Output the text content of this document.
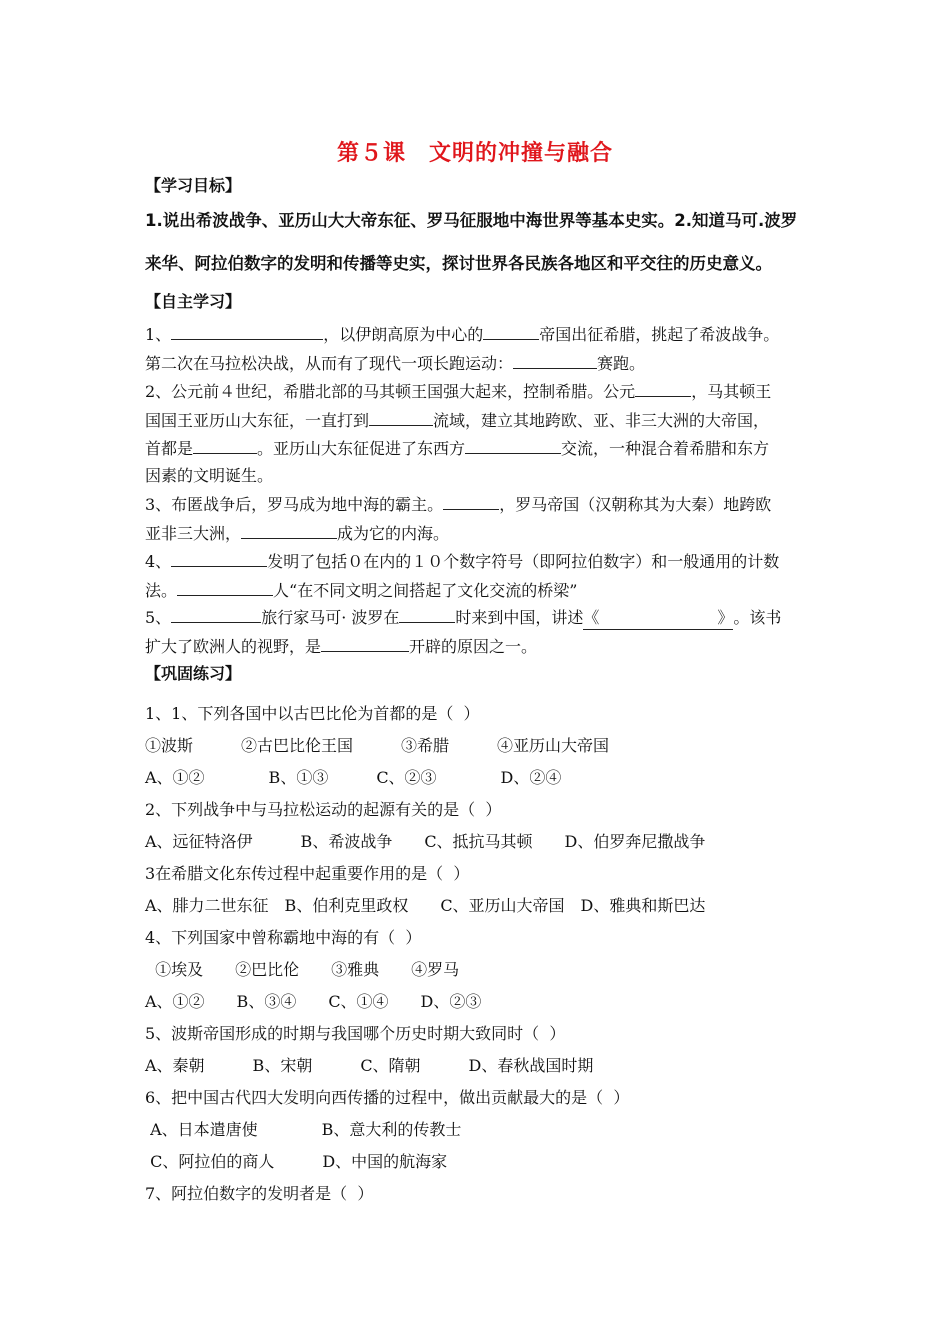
第５课　文明的冲撞与融合
【学习目标】
1.说出希波战争、亚历山大大帝东征、罗马征服地中海世界等基本史实。2.知道马可.波罗
来华、阿拉伯数字的发明和传播等史实，探讨世界各民族各地区和平交往的历史意义。
【自主学习】
1、	，以伊朗高原为中心的	帝国出征希腊，挑起了希波战争。
第二次在马拉松决战，从而有了现代一项长跑运动：	赛跑。
2、公元前４世纪，希腊北部的马其顿王国强大起来，控制希腊。公元	，马其顿王
国国王亚历山大东征，一直打到	流域，建立其地跨欧、亚、非三大洲的大帝国，
首都是	。亚历山大东征促进了东西方	交流，一种混合着希腊和东方
因素的文明诞生。
3、布匿战争后，罗马成为地中海的霸主。	，罗马帝国（汉朝称其为大秦）地跨欧
亚非三大洲，	成为它的内海。
4、	发明了包括０在内的１０个数字符号（即阿拉伯数字）和一般通用的计数
法。	人“在不同文明之间搭起了文化交流的桥梁”
5、	旅行家马可· 波罗在	时来到中国，讲述《	》。该书
扩大了欧洲人的视野，是	开辟的原因之一。
【巩固练习】
1、1、下列各国中以古巴比伦为首都的是（  ）
①波斯　　　②古巴比伦王国　　　③希腊　　　④亚历山大帝国
A、①②　　　　B、①③　　　C、②③　　　　D、②④
2、下列战争中与马拉松运动的起源有关的是（  ）
A、远征特洛伊　　　B、希波战争　　C、抵抗马其顿　　D、伯罗奔尼撒战争
3在希腊文化东传过程中起重要作用的是（  ）
A、腓力二世东征　B、伯利克里政权　　C、亚历山大帝国　D、雅典和斯巴达
4、下列国家中曾称霸地中海的有（  ）
①埃及　　②巴比伦　　③雅典　　④罗马
A、①②　　B、③④　　C、①④　　D、②③
5、波斯帝国形成的时期与我国哪个历史时期大致同时（  ）
A、秦朝　　　B、宋朝　　　C、隋朝　　　D、春秋战国时期
6、把中国古代四大发明向西传播的过程中，做出贡献最大的是（  ）
A、日本遣唐使　　　　B、意大利的传教士
C、阿拉伯的商人　　　D、中国的航海家
7、阿拉伯数字的发明者是（  ）
